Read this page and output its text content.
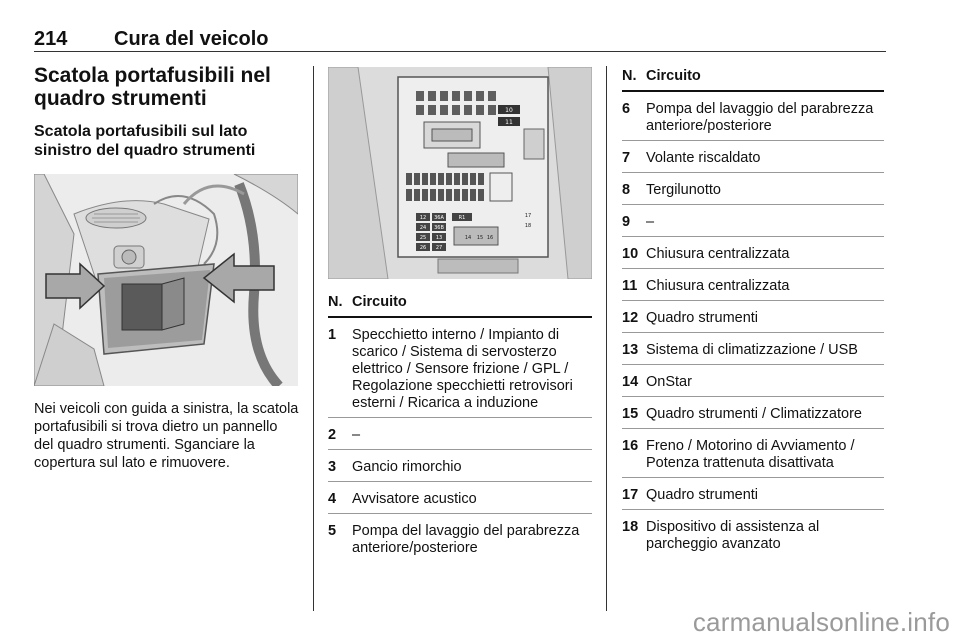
214 Cura del veicolo
Scatola portafusibili nel quadro strumenti
Scatola portafusibili sul lato sinistro del quadro strumenti

Nei veicoli con guida a sinistra, la scatola portafusibili si trova dietro un pannello del quadro strumenti. Sganciare la copertura sul lato e rimuovere.

10
11
12 36A	R1
24 36B
25 13
26 27
14 15 16
17
18
N. Circuito
1	Specchietto interno / Impianto di scarico / Sistema di servosterzo elettrico / Sensore frizione / GPL / Regolazione specchietti retrovisori esterni / Ricarica a induzione
2	–
3	Gancio rimorchio
4	Avvisatore acustico
5	Pompa del lavaggio del parabrezza anteriore/posteriore
N. Circuito
6	Pompa del lavaggio del parabrezza anteriore/posteriore
7	Volante riscaldato
8	Tergilunotto
9	–
10 Chiusura centralizzata
11 Chiusura centralizzata
12 Quadro strumenti
13 Sistema di climatizzazione / USB
14 OnStar
15 Quadro strumenti / Climatizzatore
16 Freno / Motorino di Avviamento / Potenza trattenuta disattivata
17 Quadro strumenti
18 Dispositivo di assistenza al parcheggio avanzato
carmanualsonline.info
